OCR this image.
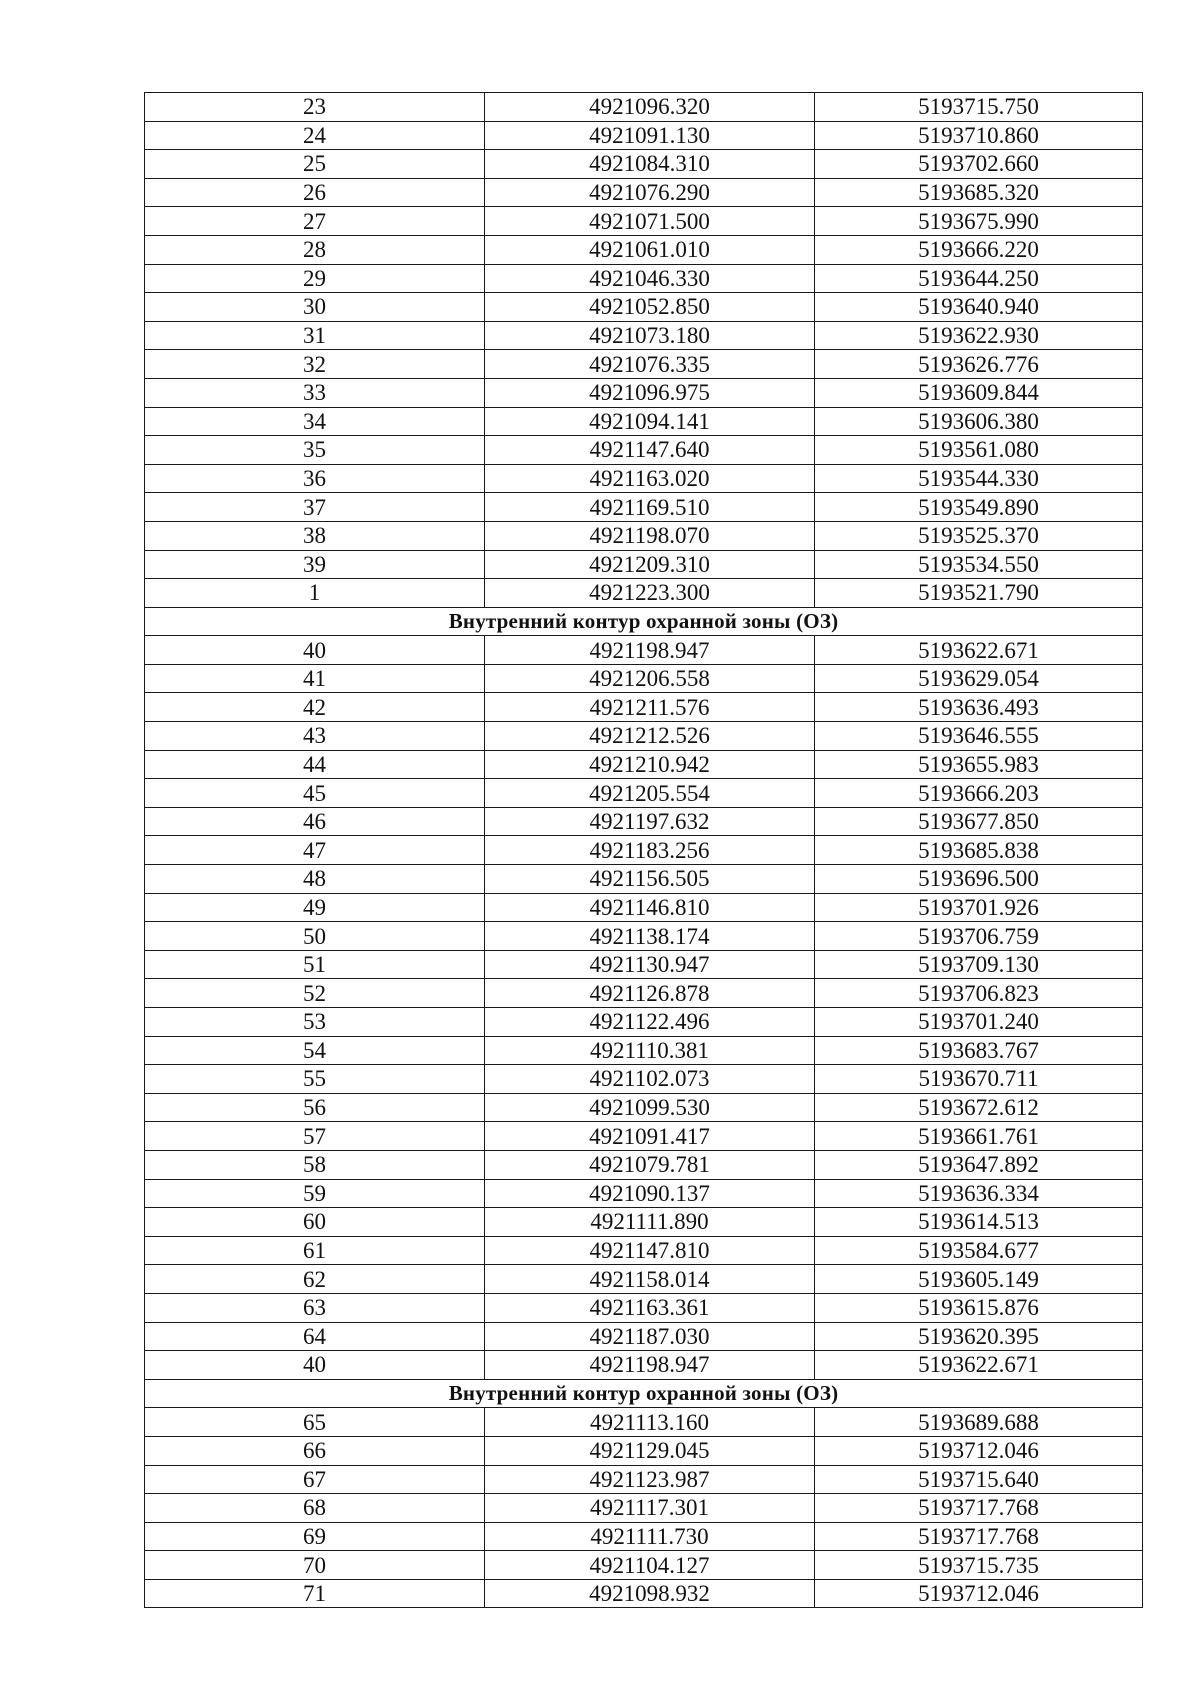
23	4921096.320	5193715.750
24	4921091.130	5193710.860
25	4921084.310	5193702.660
26	4921076.290	5193685.320
27	4921071.500	5193675.990
28	4921061.010	5193666.220
29	4921046.330	5193644.250
30	4921052.850	5193640.940
31	4921073.180	5193622.930
32	4921076.335	5193626.776
33	4921096.975	5193609.844
34	4921094.141	5193606.380
35	4921147.640	5193561.080
36	4921163.020	5193544.330
37	4921169.510	5193549.890
38	4921198.070	5193525.370
39	4921209.310	5193534.550
1	4921223.300	5193521.790
Внутренний контур охранной зоны (ОЗ)		
40	4921198.947	5193622.671
41	4921206.558	5193629.054
42	4921211.576	5193636.493
43	4921212.526	5193646.555
44	4921210.942	5193655.983
45	4921205.554	5193666.203
46	4921197.632	5193677.850
47	4921183.256	5193685.838
48	4921156.505	5193696.500
49	4921146.810	5193701.926
50	4921138.174	5193706.759
51	4921130.947	5193709.130
52	4921126.878	5193706.823
53	4921122.496	5193701.240
54	4921110.381	5193683.767
55	4921102.073	5193670.711
56	4921099.530	5193672.612
57	4921091.417	5193661.761
58	4921079.781	5193647.892
59	4921090.137	5193636.334
60	4921111.890	5193614.513
61	4921147.810	5193584.677
62	4921158.014	5193605.149
63	4921163.361	5193615.876
64	4921187.030	5193620.395
40	4921198.947	5193622.671
Внутренний контур охранной зоны (ОЗ)		
65	4921113.160	5193689.688
66	4921129.045	5193712.046
67	4921123.987	5193715.640
68	4921117.301	5193717.768
69	4921111.730	5193717.768
70	4921104.127	5193715.735
71	4921098.932	5193712.046
